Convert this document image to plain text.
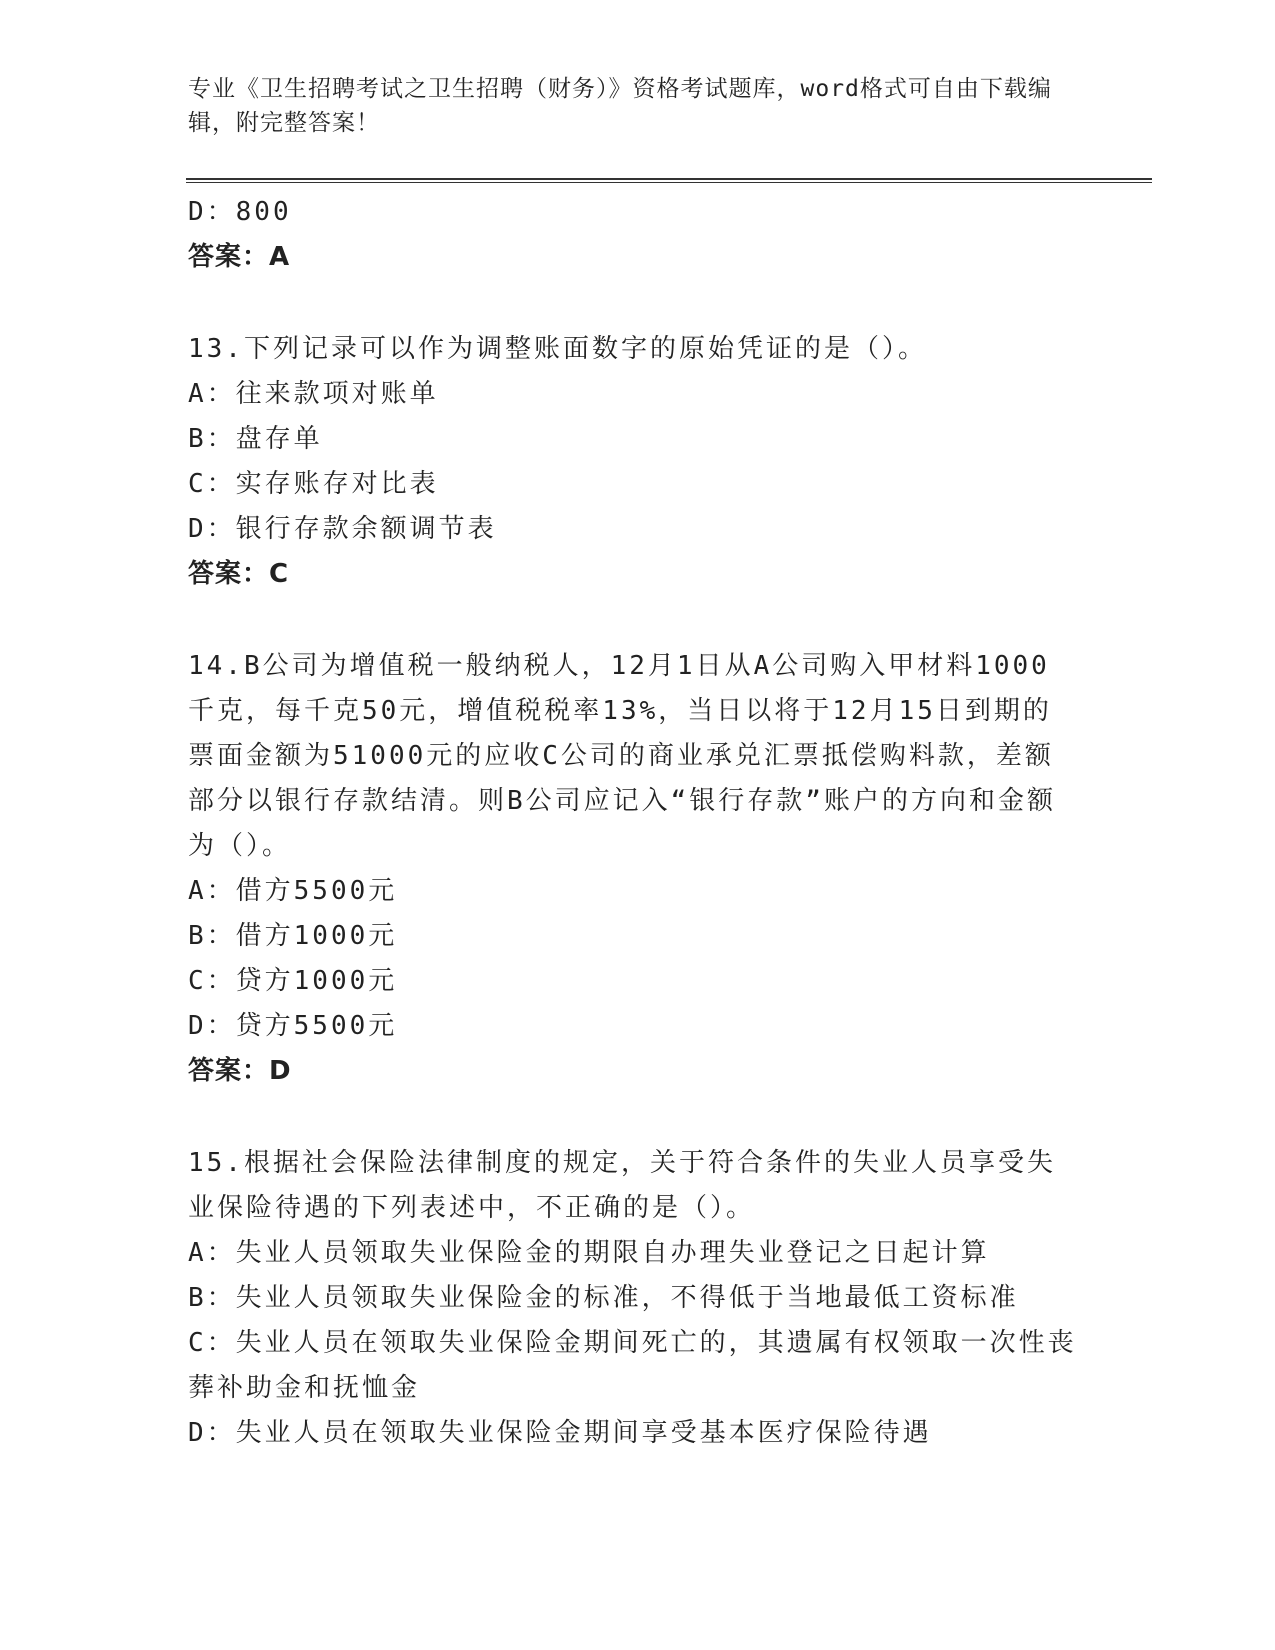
专业《卫生招聘考试之卫生招聘（财务）》资格考试题库，word格式可自由下载编辑，附完整答案！
D：800
答案：A
13.下列记录可以作为调整账面数字的原始凭证的是（）。
A：往来款项对账单
B：盘存单
C：实存账存对比表
D：银行存款余额调节表
答案：C
14.B公司为增值税一般纳税人，12月1日从A公司购入甲材料1000千克，每千克50元，增值税税率13%，当日以将于12月15日到期的票面金额为51000元的应收C公司的商业承兑汇票抵偿购料款，差额部分以银行存款结清。则B公司应记入“银行存款”账户的方向和金额为（）。
A：借方5500元
B：借方1000元
C：贷方1000元
D：贷方5500元
答案：D
15.根据社会保险法律制度的规定，关于符合条件的失业人员享受失业保险待遇的下列表述中，不正确的是（）。
A：失业人员领取失业保险金的期限自办理失业登记之日起计算
B：失业人员领取失业保险金的标准，不得低于当地最低工资标准
C：失业人员在领取失业保险金期间死亡的，其遗属有权领取一次性丧葬补助金和抚恤金
D：失业人员在领取失业保险金期间享受基本医疗保险待遇
